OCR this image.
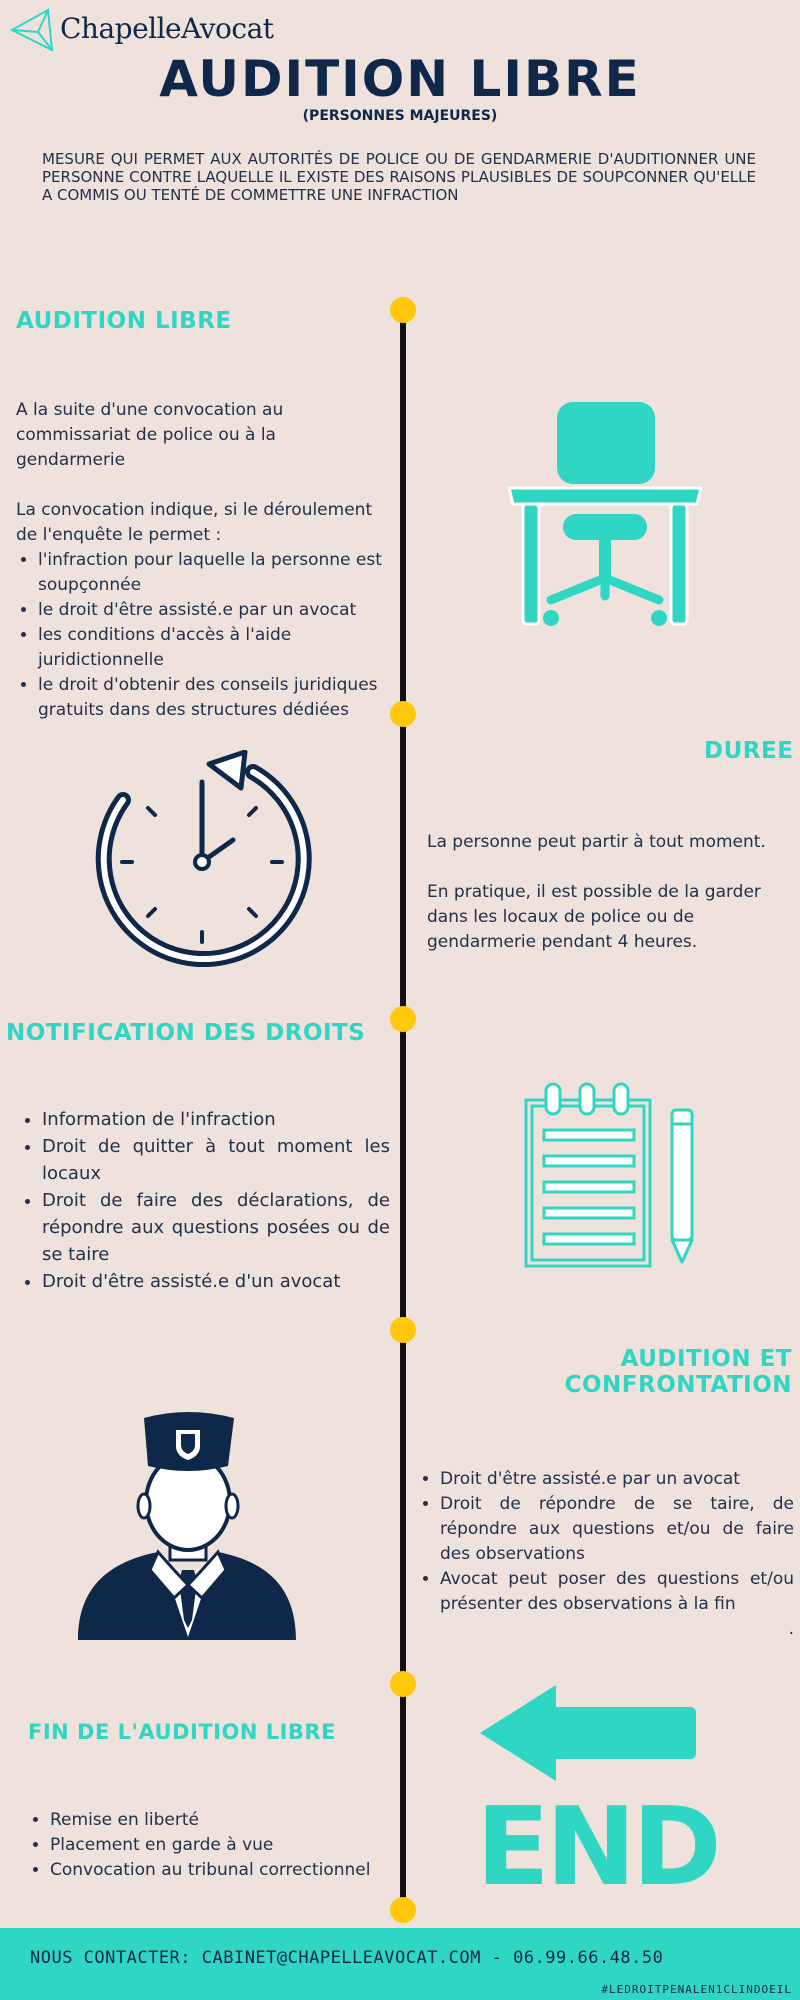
ChapelleAvocat
AUDITION LIBRE
(PERSONNES MAJEURES)
MESURE QUI PERMET AUX AUTORITÉS DE POLICE OU DE GENDARMERIE D'AUDITIONNER UNE PERSONNE CONTRE LAQUELLE IL EXISTE DES RAISONS PLAUSIBLES DE SOUPCONNER QU'ELLE A COMMIS OU TENTÉ DE COMMETTRE UNE INFRACTION
AUDITION LIBRE
A la suite d'une convocation au commissariat de police ou à la gendarmerie
La convocation indique, si le déroulement de l'enquête le permet :
• l'infraction pour laquelle la personne est soupçonnée
• le droit d'être assisté.e par un avocat
• les conditions d'accès à l'aide juridictionnelle
• le droit d'obtenir des conseils juridiques gratuits dans des structures dédiées
DUREE
La personne peut partir à tout moment.
En pratique, il est possible de la garder dans les locaux de police ou de gendarmerie pendant 4 heures.
NOTIFICATION DES DROITS
• Information de l'infraction
• Droit de quitter à tout moment les locaux
• Droit de faire des déclarations, de répondre aux questions posées ou de se taire
• Droit d'être assisté.e d'un avocat
AUDITION ET
CONFRONTATION
• Droit d'être assisté.e par un avocat
• Droit de répondre de se taire, de répondre aux questions et/ou de faire des observations
• Avocat peut poser des questions et/ou présenter des observations à la fin
.
FIN DE L'AUDITION LIBRE
• Remise en liberté
• Placement en garde à vue
• Convocation au tribunal correctionnel END
NOUS CONTACTER: CABINET@CHAPELLEAVOCAT.COM - 06.99.66.48.50
#LEDROITPENALEN1CLINDOEIL
